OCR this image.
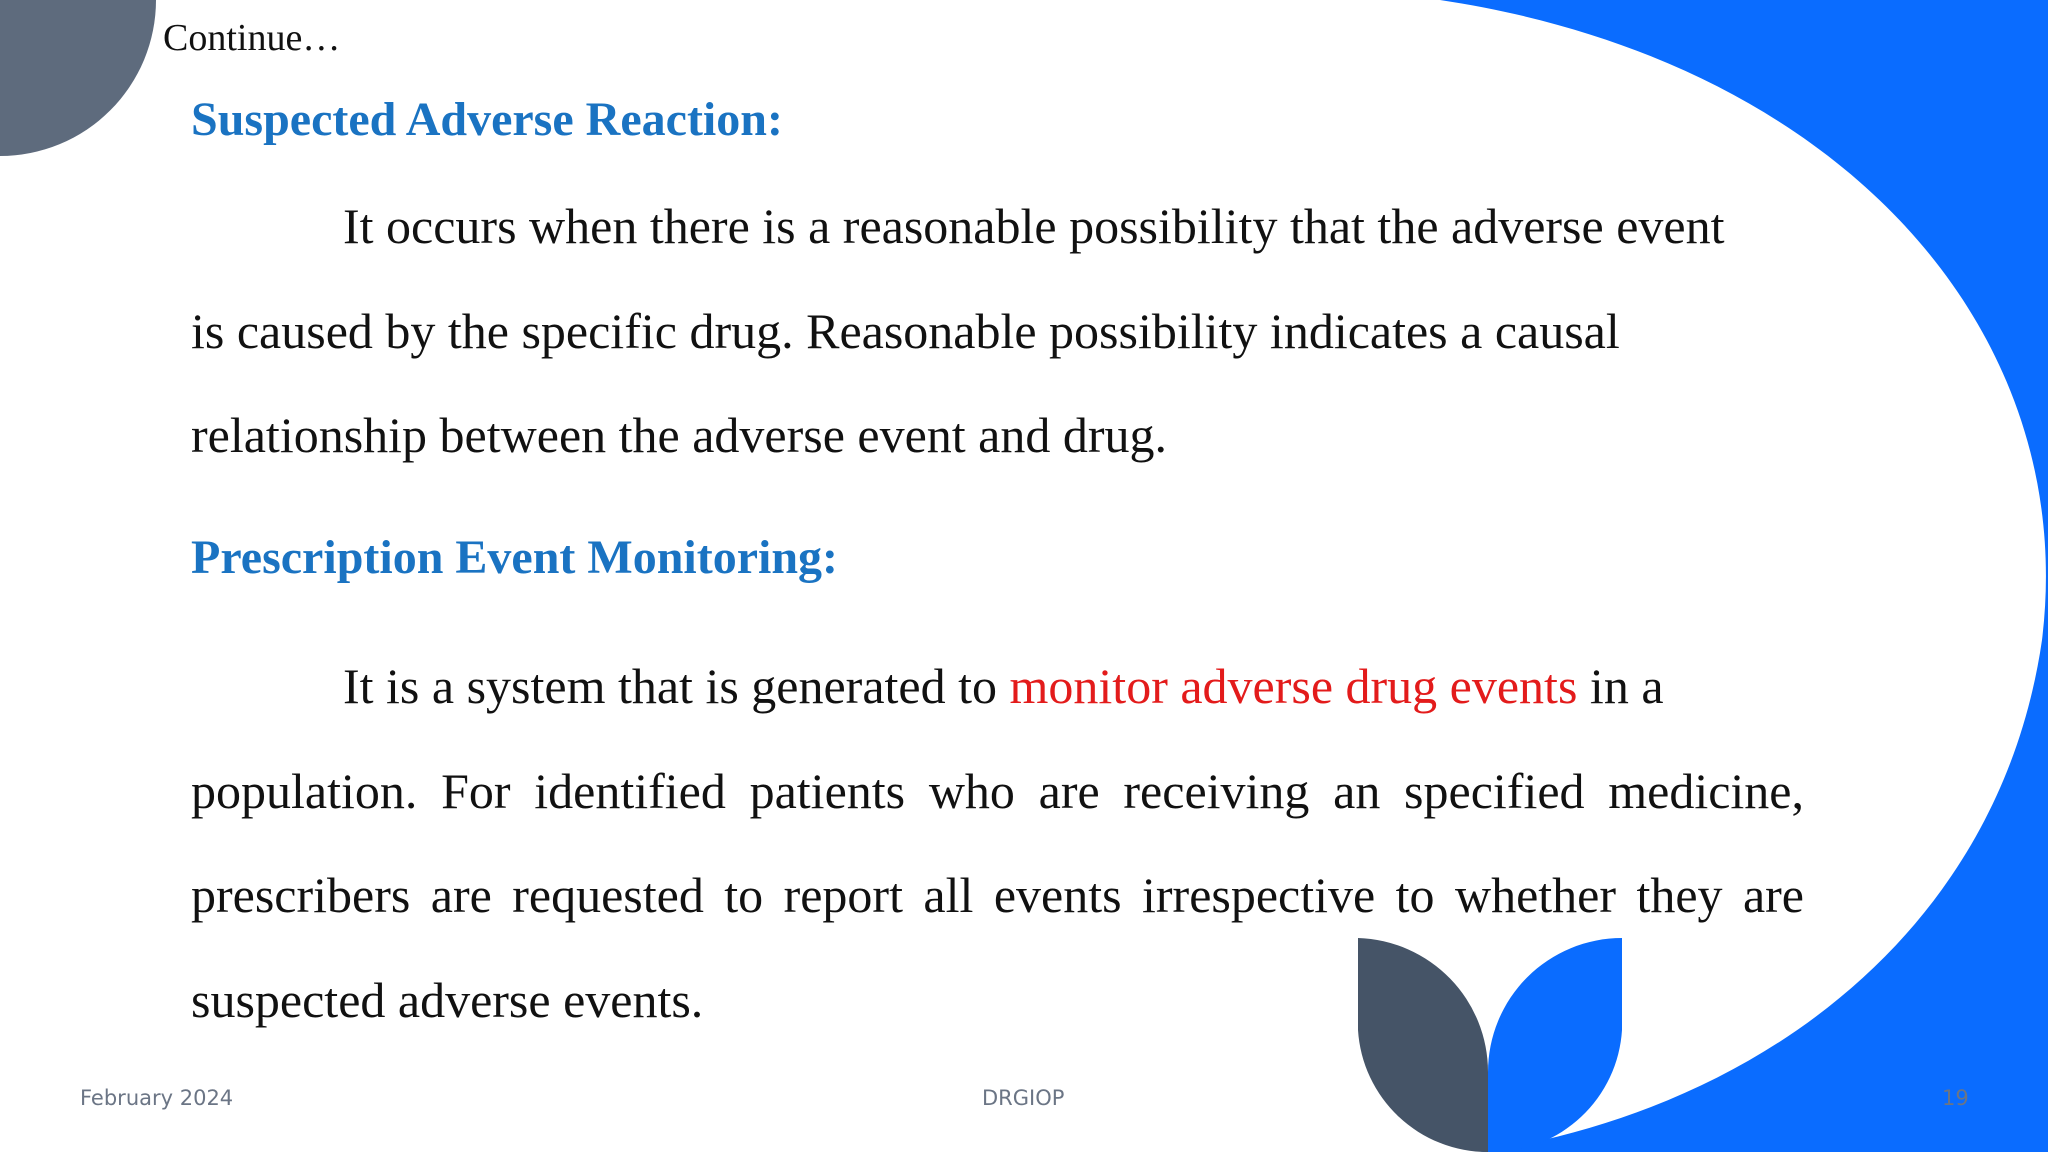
Continue…
Suspected Adverse Reaction:

It occurs when there is a reasonable possibility that the adverse event
is caused by the specific drug. Reasonable possibility indicates a causal
relationship between the adverse event and drug.

Prescription Event Monitoring:

It is a system that is generated to monitor adverse drug events in a
population. For identified patients who are receiving an specified medicine, prescribers are requested to report all events irrespective to whether they are suspected adverse events.

February 2024	DRGIOP	19
